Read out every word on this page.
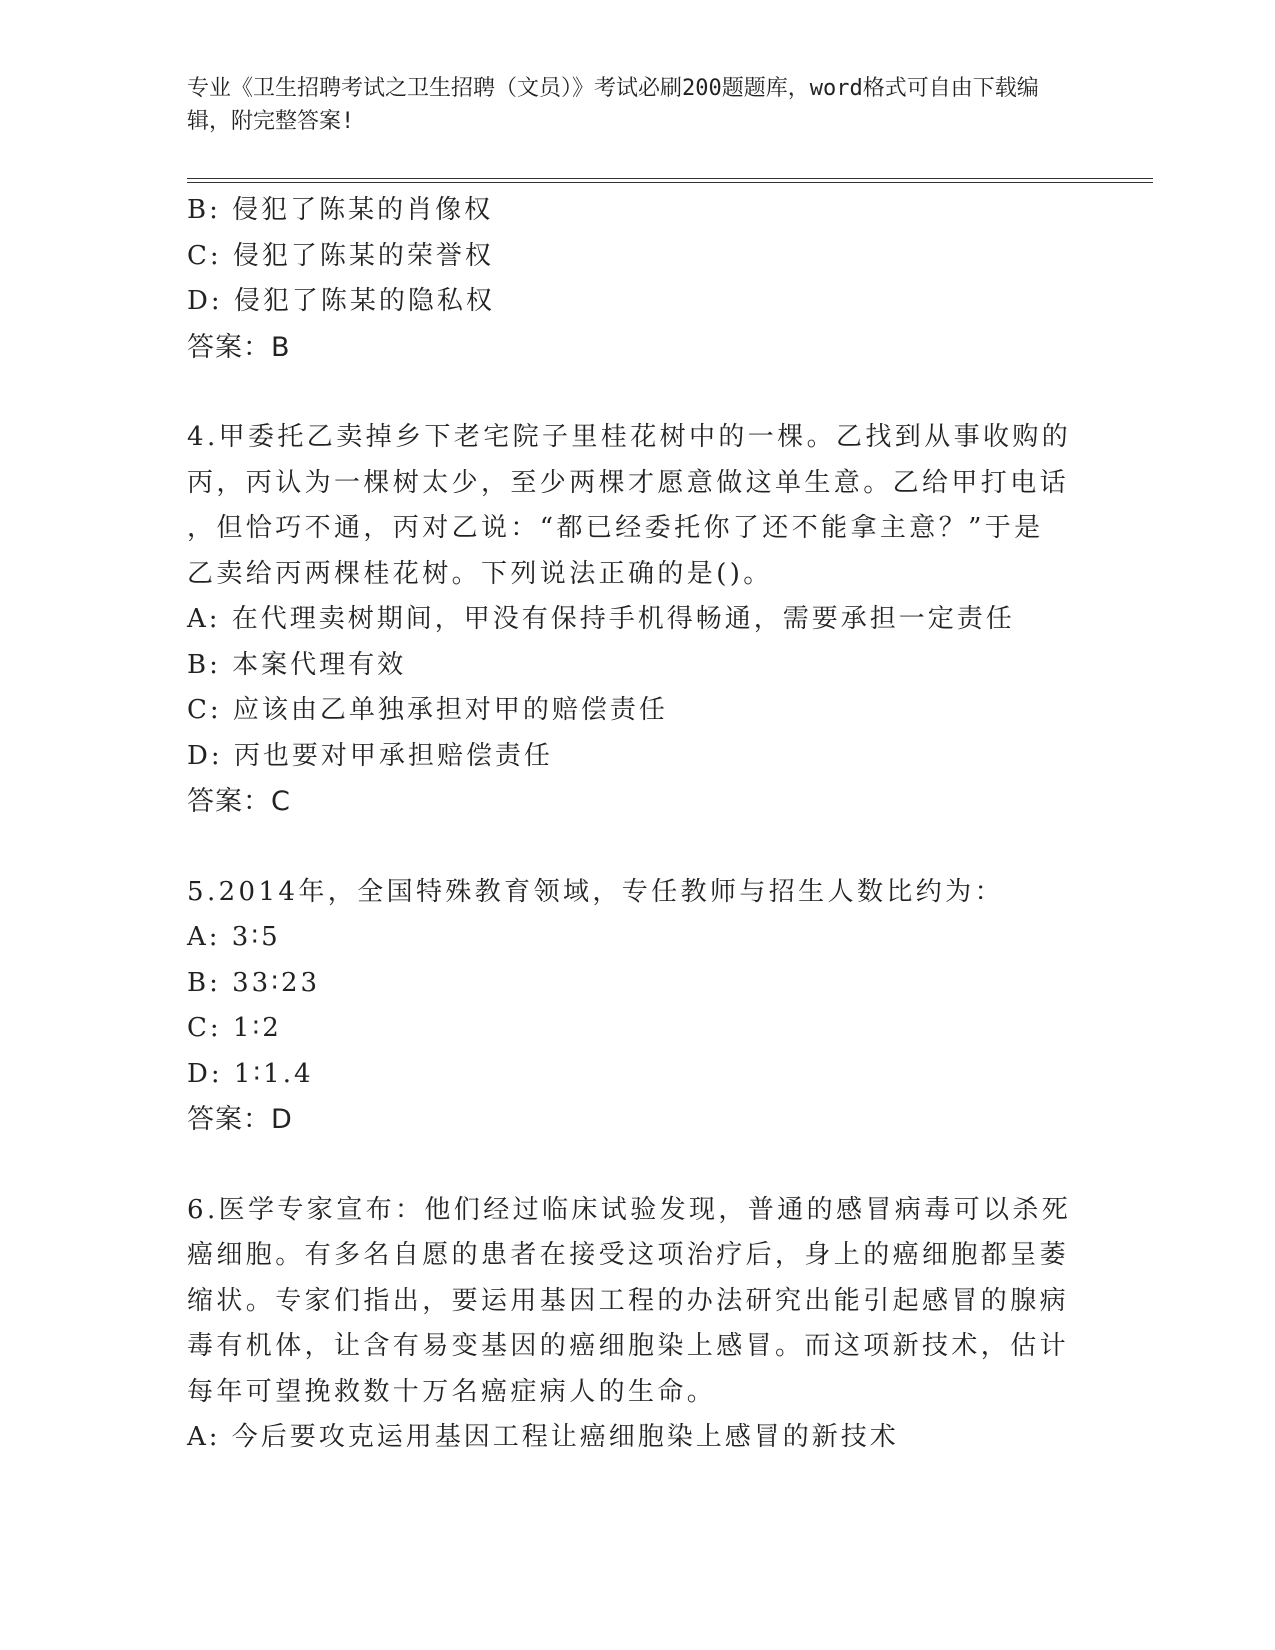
专业《卫生招聘考试之卫生招聘（文员）》考试必刷200题题库，word格式可自由下载编辑，附完整答案!
B: 侵犯了陈某的肖像权
C: 侵犯了陈某的荣誉权
D: 侵犯了陈某的隐私权
答案：B
4.甲委托乙卖掉乡下老宅院子里桂花树中的一棵。乙找到从事收购的
丙，丙认为一棵树太少，至少两棵才愿意做这单生意。乙给甲打电话
，但恰巧不通，丙对乙说：“都已经委托你了还不能拿主意？”于是
乙卖给丙两棵桂花树。下列说法正确的是()。
A: 在代理卖树期间，甲没有保持手机得畅通，需要承担一定责任
B: 本案代理有效
C: 应该由乙单独承担对甲的赔偿责任
D: 丙也要对甲承担赔偿责任
答案：C
5.2014年，全国特殊教育领域，专任教师与招生人数比约为：
A: 3∶5
B: 33∶23
C: 1∶2
D: 1∶1.4
答案：D
6.医学专家宣布：他们经过临床试验发现，普通的感冒病毒可以杀死
癌细胞。有多名自愿的患者在接受这项治疗后，身上的癌细胞都呈萎
缩状。专家们指出，要运用基因工程的办法研究出能引起感冒的腺病
毒有机体，让含有易变基因的癌细胞染上感冒。而这项新技术，估计
每年可望挽救数十万名癌症病人的生命。
A: 今后要攻克运用基因工程让癌细胞染上感冒的新技术
